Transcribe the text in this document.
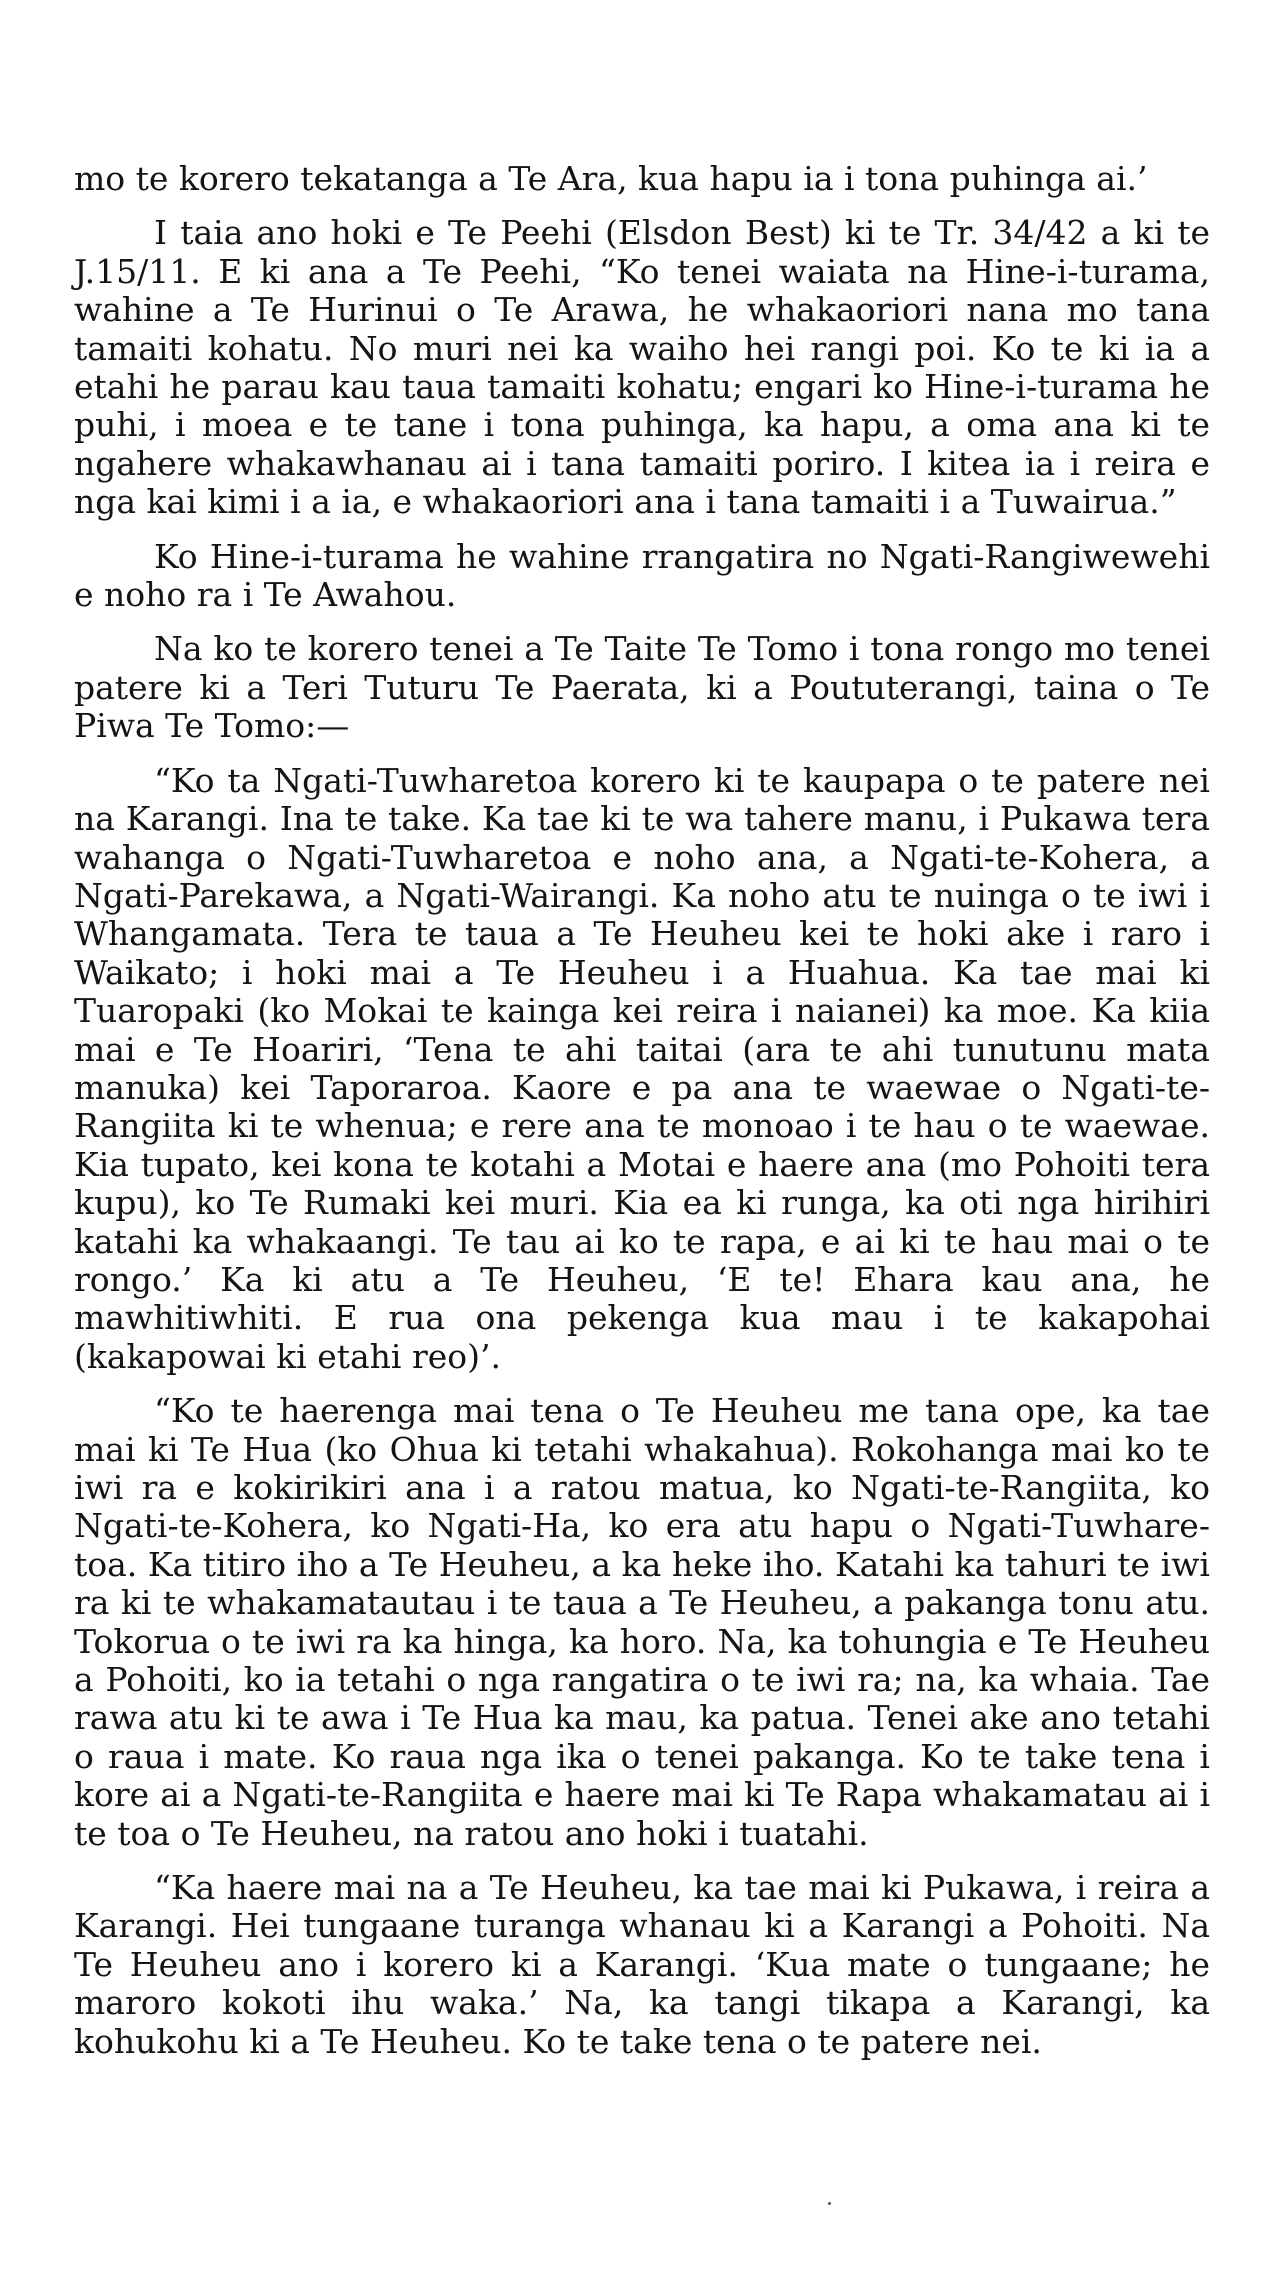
mo te korero tekatanga a Te Ara, kua hapu ia i tona puhinga ai.’

I taia ano hoki e Te Peehi (Elsdon Best) ki te Tr. 34/42 a ki te J.15/11. E ki ana a Te Peehi, “Ko tenei waiata na Hine-i-turama, wahine a Te Hurinui o Te Arawa, he whakaoriori nana mo tana tamaiti kohatu. No muri nei ka waiho hei rangi poi. Ko te ki ia a etahi he parau kau taua tamaiti kohatu; engari ko Hine-i-turama he puhi, i moea e te tane i tona puhinga, ka hapu, a oma ana ki te ngahere whakawhanau ai i tana tamaiti poriro. I kitea ia i reira e nga kai kimi i a ia, e whakaoriori ana i tana tamaiti i a Tuwairua.”

Ko Hine-i-turama he wahine rrangatira no Ngati-Rangiwewehi e noho ra i Te Awahou.

Na ko te korero tenei a Te Taite Te Tomo i tona rongo mo tenei patere ki a Teri Tuturu Te Paerata, ki a Poututerangi, taina o Te Piwa Te Tomo:—

“Ko ta Ngati-Tuwharetoa korero ki te kaupapa o te patere nei na Karangi. Ina te take. Ka tae ki te wa tahere manu, i Pukawa tera wahanga o Ngati-Tuwharetoa e noho ana, a Ngati-te-Kohera, a Ngati-Parekawa, a Ngati-Wairangi. Ka noho atu te nuinga o te iwi i Whangamata. Tera te taua a Te Heuheu kei te hoki ake i raro i Waikato; i hoki mai a Te Heuheu i a Huahua. Ka tae mai ki Tuaropaki (ko Mokai te kainga kei reira i naianei) ka moe. Ka kiia mai e Te Hoariri, ‘Tena te ahi taitai (ara te ahi tunutunu mata manuka) kei Taporaroa. Kaore e pa ana te waewae o Ngati-te-Rangiita ki te whenua; e rere ana te monoao i te hau o te waewae. Kia tupato, kei kona te kotahi a Motai e haere ana (mo Pohoiti tera kupu), ko Te Rumaki kei muri. Kia ea ki runga, ka oti nga hirihiri katahi ka whakaangi. Te tau ai ko te rapa, e ai ki te hau mai o te rongo.’ Ka ki atu a Te Heuheu, ‘E te! Ehara kau ana, he mawhitiwhiti. E rua ona pekenga kua mau i te kakapohai (kakapowai ki etahi reo)’.

“Ko te haerenga mai tena o Te Heuheu me tana ope, ka tae mai ki Te Hua (ko Ohua ki tetahi whakahua). Rokohanga mai ko te iwi ra e kokirikiri ana i a ratou matua, ko Ngati-te-Rangiita, ko Ngati-te-Kohera, ko Ngati-Ha, ko era atu hapu o Ngati-Tuwhare-toa. Ka titiro iho a Te Heuheu, a ka heke iho. Katahi ka tahuri te iwi ra ki te whakamatautau i te taua a Te Heuheu, a pakanga tonu atu. Tokorua o te iwi ra ka hinga, ka horo. Na, ka tohungia e Te Heuheu a Pohoiti, ko ia tetahi o nga rangatira o te iwi ra; na, ka whaia. Tae rawa atu ki te awa i Te Hua ka mau, ka patua. Tenei ake ano tetahi o raua i mate. Ko raua nga ika o tenei pakanga. Ko te take tena i kore ai a Ngati-te-Rangiita e haere mai ki Te Rapa whakamatau ai i te toa o Te Heuheu, na ratou ano hoki i tuatahi.

“Ka haere mai na a Te Heuheu, ka tae mai ki Pukawa, i reira a Karangi. Hei tungaane turanga whanau ki a Karangi a Pohoiti. Na Te Heuheu ano i korero ki a Karangi. ‘Kua mate o tungaane; he maroro kokoti ihu waka.’ Na, ka tangi tikapa a Karangi, ka kohukohu ki a Te Heuheu. Ko te take tena o te patere nei.
